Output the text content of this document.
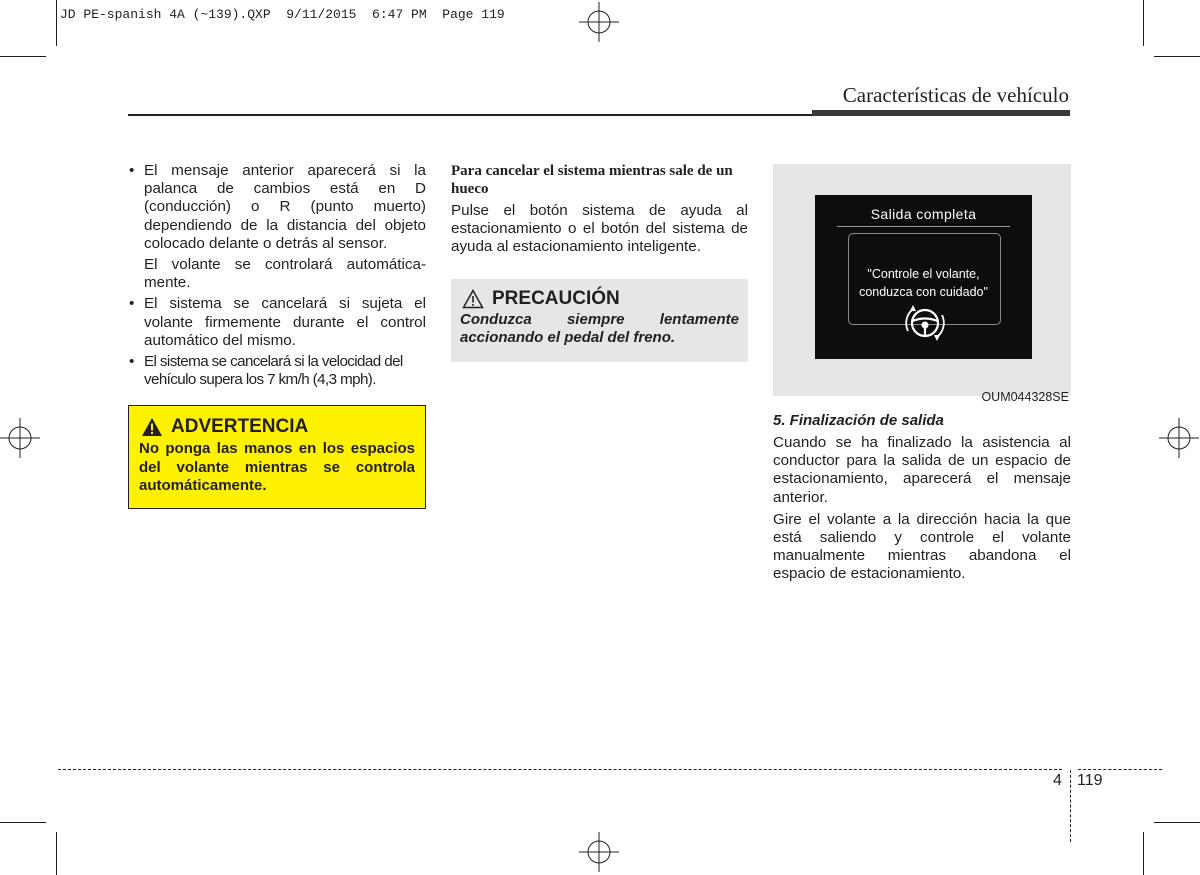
JD PE-spanish 4A (~139).QXP  9/11/2015  6:47 PM  Page 119
Características de vehículo
• El mensaje anterior aparecerá si la palanca de cambios está en D (conducción) o R (punto muerto) dependiendo de la distancia del objeto colocado delante o detrás al sensor.

El volante se controlará automática-mente.

• El sistema se cancelará si sujeta el volante firmemente durante el control automático del mismo.
• El sistema se cancelará si la velocidad del vehículo supera los 7 km/h (4,3 mph).
ADVERTENCIA

No ponga las manos en los espacios del volante mientras se controla automáticamente.

Para cancelar el sistema mientras sale de un hueco

Pulse el botón sistema de ayuda al estacionamiento o el botón del sistema de ayuda al estacionamiento inteligente.

PRECAUCIÓN

Conduzca siempre lentamente accionando el pedal del freno.

Salida completa
"Controle el volante,
conduzca con cuidado"
OUM044328SE

5. Finalización de salida

Cuando se ha finalizado la asistencia al conductor para la salida de un espacio de estacionamiento, aparecerá el mensaje anterior.

Gire el volante a la dirección hacia la que está saliendo y controle el volante manualmente mientras abandona el espacio de estacionamiento.

4 119
